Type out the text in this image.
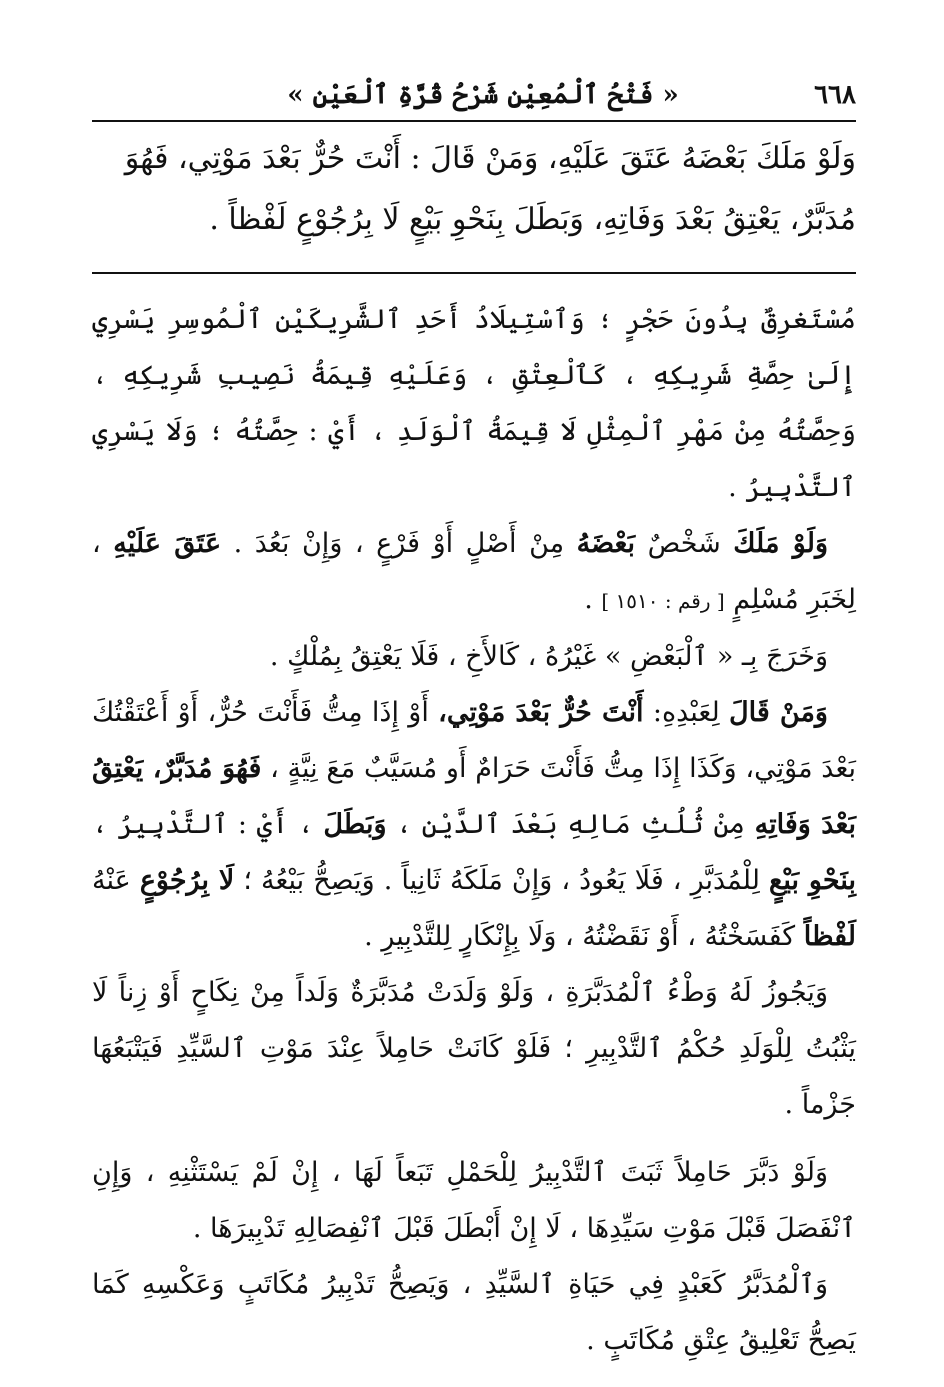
٦٦٨
« فَتْحُ ٱلْمُعِيْنِ شَرْحُ قُرَّةِ ٱلْعَيْنِ »

وَلَوْ مَلَكَ بَعْضَهُ عَتَقَ عَلَيْهِ، وَمَنْ قَالَ : أَنْتَ حُرٌّ بَعْدَ مَوْتِي، فَهُوَ

مُدَبَّرٌ، يَعْتِقُ بَعْدَ وَفَاتِهِ، وَبَطَلَ بِنَحْوِ بَيْعٍ لَا بِرُجُوْعٍ لَفْظاً .

مُسْتَغرِقٌ بِدُونَ حَجْرٍ ؛ وَٱسْتِيلَادُ أَحَدِ ٱلشَّرِيكَيْنِ ٱلْمُوسِرِ يَسْرِي إِلَىٰ حِصَّةِ شَرِيكِهِ ، كَٱلْعِتْقِ ، وَعَلَيْهِ قِيمَةُ نَصِيبِ شَرِيكِهِ ، وَحِصَّتُهُ مِنْ مَهْرِ ٱلْمِثْلِ لَا قِيمَةُ ٱلْوَلَدِ ، أَيْ : حِصَّتُهُ ؛ وَلَا يَسْرِي ٱلتَّدْبِيرُ .

وَلَوْ مَلَكَ شَخْصٌ بَعْضَهُ مِنْ أَصْلٍ أَوْ فَرْعٍ ، وَإِنْ بَعُدَ . عَتَقَ عَلَيْهِ ، لِخَبَرِ مُسْلِمٍ [ رقم : ١٥١٠ ] .

وَخَرَجَ بِـ « ٱلْبَعْضِ » غَيْرُهُ ، كَالأَخِ ، فَلَا يَعْتِقُ بِمُلْكٍ .

وَمَنْ قَالَ لِعَبْدِهِ: أَنْتَ حُرٌّ بَعْدَ مَوْتِي، أَوْ إِذَا مِتُّ فَأَنْتَ حُرٌّ، أَوْ أَعْتَقْتُكَ بَعْدَ مَوْتِي، وَكَذَا إِذَا مِتُّ فَأَنْتَ حَرَامٌ أَو مُسَيَّبٌ مَعَ نِيَّةٍ ، فَهُوَ مُدَبَّرٌ، يَعْتِقُ بَعْدَ وَفَاتِهِ مِنْ ثُلُثِ مَالِهِ بَعْدَ ٱلدَّيْنِ ، وَبَطَلَ ، أَيْ : ٱلتَّدْبِيرُ ، بِنَحْوِ بَيْعٍ لِلْمُدَبَّرِ ، فَلَا يَعُودُ ، وَإِنْ مَلَكَهُ ثَانِياً . وَيَصِحُّ بَيْعُهُ ؛ لَا بِرُجُوْعٍ عَنْهُ لَفْظاً كَفَسَخْتُهُ ، أَوْ نَقَضْتُهُ ، وَلَا بِإِنْكَارٍ لِلتَّدْبِيرِ .

وَيَجُوزُ لَهُ وَطْءُ ٱلْمُدَبَّرَةِ ، وَلَوْ وَلَدَتْ مُدَبَّرَةٌ وَلَداً مِنْ نِكَاحٍ أَوْ زِناً لَا يَثْبُتُ لِلْوَلَدِ حُكْمُ ٱلتَّدْبِيرِ ؛ فَلَوْ كَانَتْ حَامِلاً عِنْدَ مَوْتِ ٱلسَّيِّدِ فَيَتْبَعُهَا جَزْماً .

وَلَوْ دَبَّرَ حَامِلاً ثَبَتَ ٱلتَّدْبِيرُ لِلْحَمْلِ تَبَعاً لَهَا ، إِنْ لَمْ يَسْتَثْنِهِ ، وَإِنِ ٱنْفَصَلَ قَبْلَ مَوْتِ سَيِّدِهَا ، لَا إِنْ أَبْطَلَ قَبْلَ ٱنْفِصَالِهِ تَدْبِيرَهَا .

وَٱلْمُدَبَّرُ كَعَبْدٍ فِي حَيَاةِ ٱلسَّيِّدِ ، وَيَصِحُّ تَدْبِيرُ مُكَاتَبٍ وَعَكْسِهِ كَمَا يَصِحُّ تَعْلِيقُ عِتْقِ مُكَاتَبٍ .
